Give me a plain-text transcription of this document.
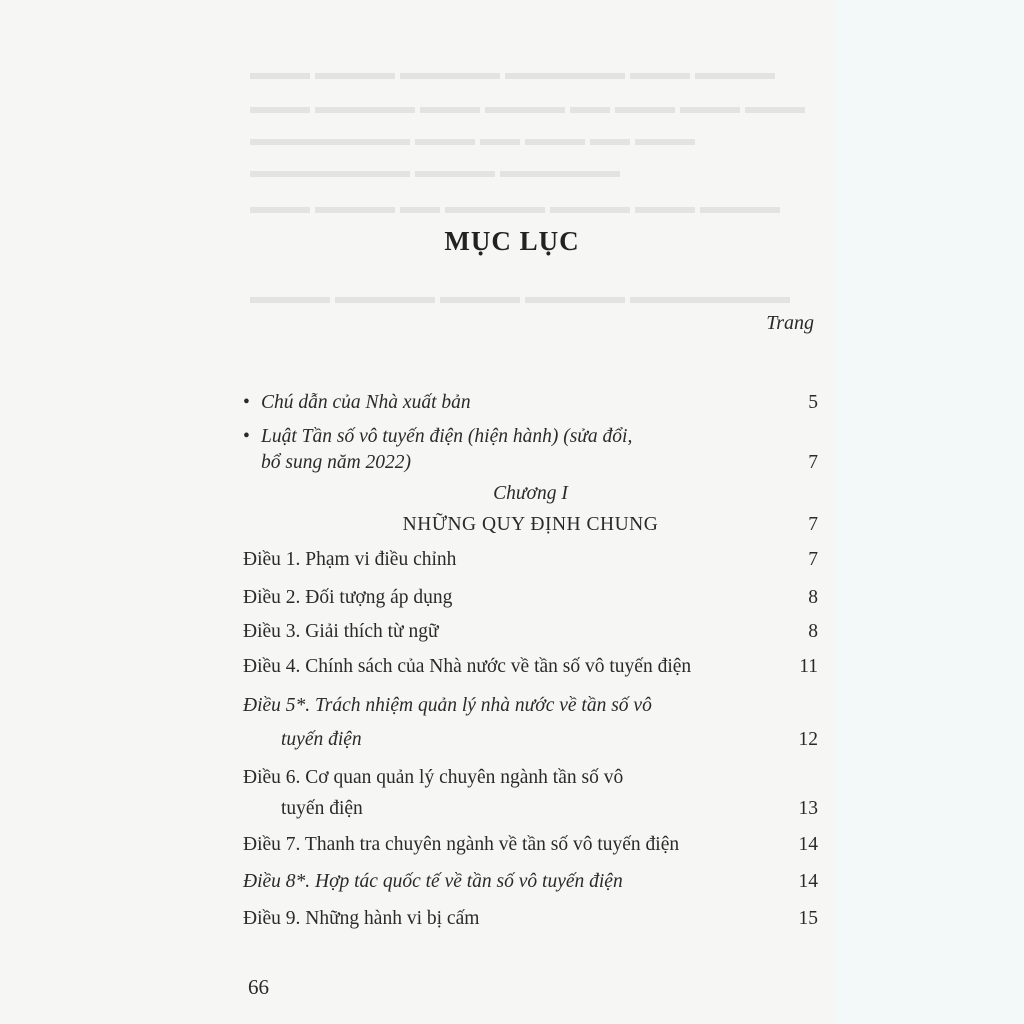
▬▬▬ ▬▬▬▬ ▬▬▬▬▬ ▬▬▬▬▬▬ ▬▬▬ ▬▬▬▬
▬▬▬ ▬▬▬▬▬ ▬▬▬ ▬▬▬▬ ▬▬ ▬▬▬ ▬▬▬ ▬▬▬
▬▬▬▬▬▬▬▬ ▬▬▬ ▬▬ ▬▬▬ ▬▬ ▬▬▬
▬▬▬▬▬▬▬▬ ▬▬▬▬ ▬▬▬▬▬▬
▬▬▬ ▬▬▬▬ ▬▬ ▬▬▬▬▬ ▬▬▬▬ ▬▬▬ ▬▬▬▬
▬▬▬▬ ▬▬▬▬▬ ▬▬▬▬ ▬▬▬▬▬ ▬▬▬▬▬▬▬▬
MỤC LỤC
Trang
• Chú dẫn của Nhà xuất bản	5
• Luật Tần số vô tuyến điện (hiện hành) (sửa đổi,
bổ sung năm 2022)	7
Chương I
NHỮNG QUY ĐỊNH CHUNG	7
Điều 1. Phạm vi điều chỉnh	7
Điều 2. Đối tượng áp dụng	8
Điều 3. Giải thích từ ngữ	8
Điều 4. Chính sách của Nhà nước về tần số vô tuyến điện	11
Điều 5*. Trách nhiệm quản lý nhà nước về tần số vô
tuyến điện	12
Điều 6. Cơ quan quản lý chuyên ngành tần số vô
tuyến điện	13
Điều 7. Thanh tra chuyên ngành về tần số vô tuyến điện	14
Điều 8*. Hợp tác quốc tế về tần số vô tuyến điện	14
Điều 9. Những hành vi bị cấm	15
66
